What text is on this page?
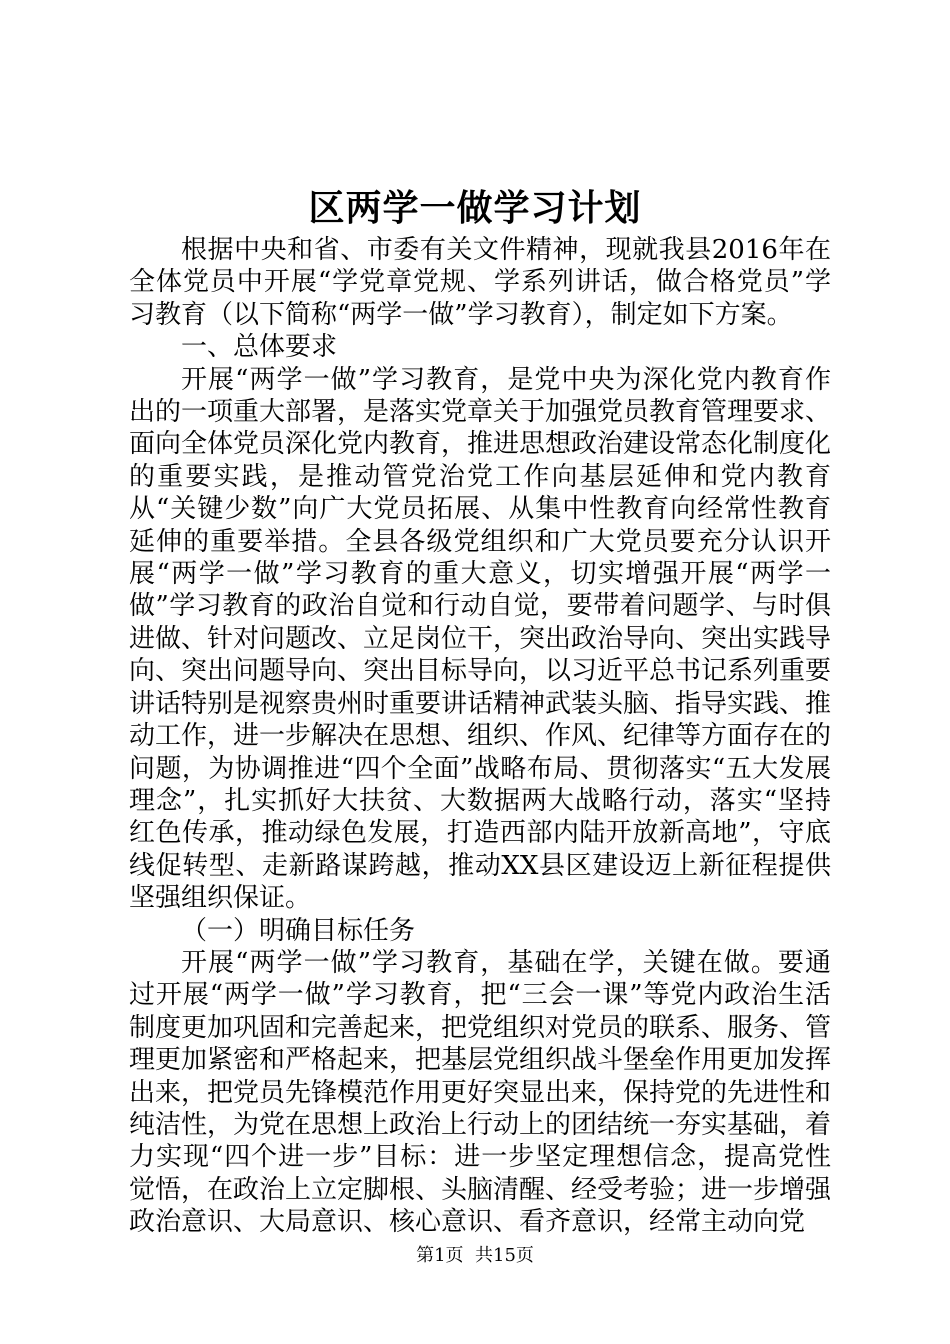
区两学一做学习计划

根据中央和省、市委有关文件精神，现就我县2016年在全体党员中开展“学党章党规、学系列讲话，做合格党员”学习教育（以下简称“两学一做”学习教育），制定如下方案。

一、总体要求

开展“两学一做”学习教育，是党中央为深化党内教育作出的一项重大部署，是落实党章关于加强党员教育管理要求、面向全体党员深化党内教育，推进思想政治建设常态化制度化的重要实践，是推动管党治党工作向基层延伸和党内教育从“关键少数”向广大党员拓展、从集中性教育向经常性教育延伸的重要举措。全县各级党组织和广大党员要充分认识开展“两学一做”学习教育的重大意义，切实增强开展“两学一做”学习教育的政治自觉和行动自觉，要带着问题学、与时俱进做、针对问题改、立足岗位干，突出政治导向、突出实践导向、突出问题导向、突出目标导向，以习近平总书记系列重要讲话特别是视察贵州时重要讲话精神武装头脑、指导实践、推动工作，进一步解决在思想、组织、作风、纪律等方面存在的问题，为协调推进“四个全面”战略布局、贯彻落实“五大发展理念”，扎实抓好大扶贫、大数据两大战略行动，落实“坚持红色传承，推动绿色发展，打造西部内陆开放新高地”，守底线促转型、走新路谋跨越，推动XX县区建设迈上新征程提供坚强组织保证。

（一）明确目标任务

开展“两学一做”学习教育，基础在学，关键在做。要通过开展“两学一做”学习教育，把“三会一课”等党内政治生活制度更加巩固和完善起来，把党组织对党员的联系、服务、管理更加紧密和严格起来，把基层党组织战斗堡垒作用更加发挥出来，把党员先锋模范作用更好突显出来，保持党的先进性和纯洁性，为党在思想上政治上行动上的团结统一夯实基础，着力实现“四个进一步”目标：进一步坚定理想信念，提高党性觉悟，在政治上立定脚根、头脑清醒、经受考验；进一步增强政治意识、大局意识、核心意识、看齐意识，经常主动向党

第1页 共15页
